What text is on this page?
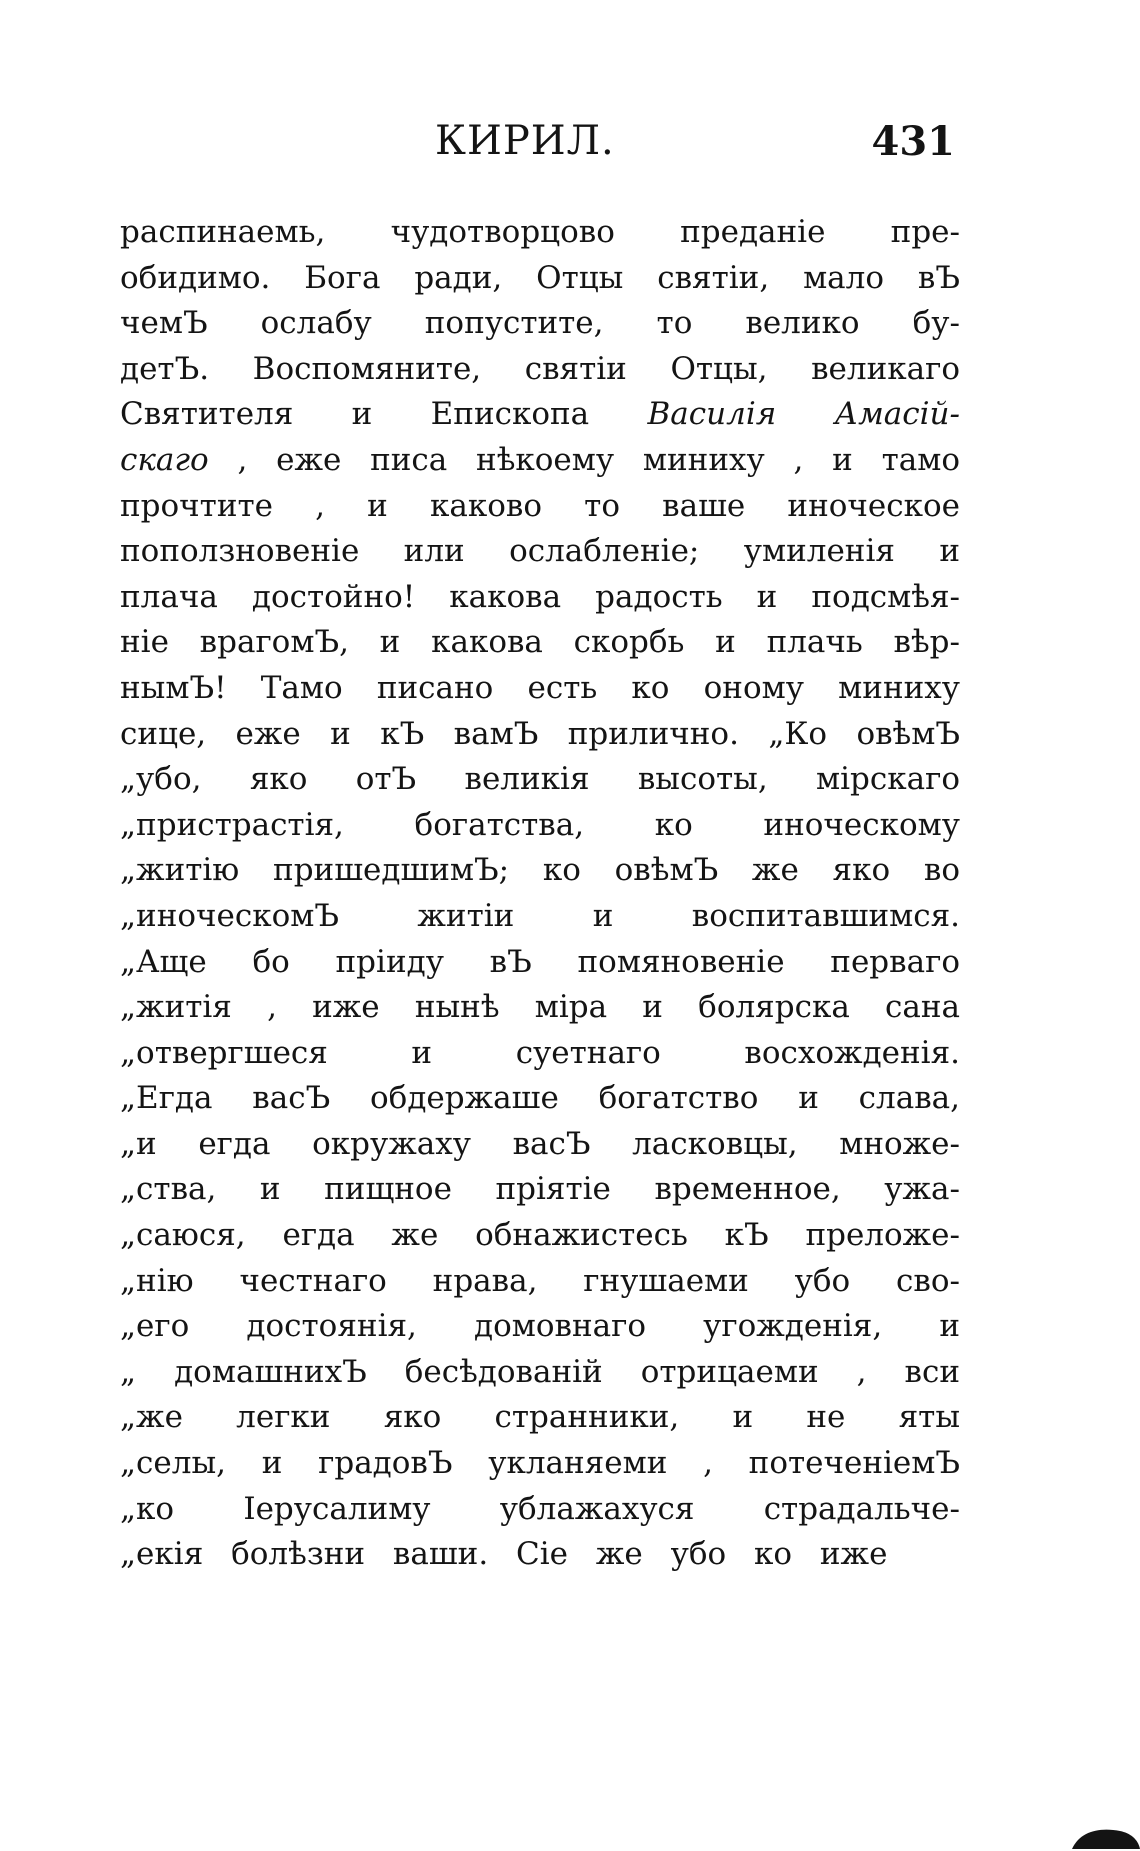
КИРИЛ.	431
распинаемь, чудотворцово преданіе пре-
обидимо. Бога ради, Отцы святіи, мало вЪ
чемЪ ослабу попустите, то велико бу-
детЪ. Воспомяните, святіи Отцы, великаго
Святителя и Епископа Василія Амасій-
скаго , еже писа нѣкоему миниху , и тамо
прочтите , и каково то ваше иноческое
поползновеніе или ослабленіе; умиленія и
плача достойно! какова радость и подсмѣя-
ніе врагомЪ, и какова скорбь и плачь вѣр-
нымЪ! Тамо писано есть ко оному миниху
сице, еже и кЪ вамЪ прилично. „Ко овѣмЪ
„убо, яко отЪ великія высоты, мірскаго
„пристрастія, богатства, ко иноческому
„житію пришедшимЪ; ко овѣмЪ же яко во
„иноческомЪ житіи и воспитавшимся.
„Аще бо пріиду вЪ помяновеніе перваго
„житія , иже нынѣ міра и болярска сана
„отвергшеся и суетнаго восхожденія.
„Егда васЪ обдержаше богатство и слава,
„и егда окружаху васЪ ласковцы, множе-
„ства, и пищное пріятіе временное, ужа-
„саюся, егда же обнажистесь кЪ преложе-
„нію честнаго нрава, гнушаеми убо сво-
„его достоянія, домовнаго угожденія, и
„ домашнихЪ бесѣдованій отрицаеми , вси
„же легки яко странники, и не яты
„селы, и градовЪ укланяеми , потеченіемЪ
„ко Іерусалиму ублажахуся страдальче-
„екія болѣзни ваши. Сіе же убо ко иже
